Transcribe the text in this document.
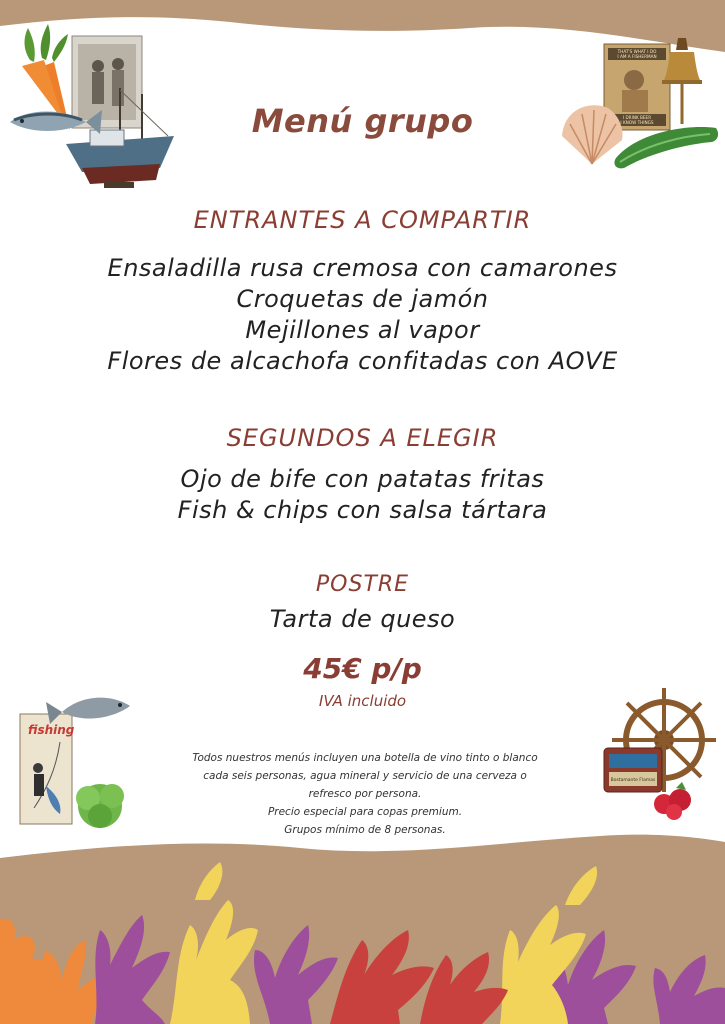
THAT'S WHAT I DO
I AM A FISHERMAN
I DRINK BEER
I KNOW THINGS
fishing
Bostamante Flamas
Menú grupo
ENTRANTES A COMPARTIR
Ensaladilla rusa cremosa con camarones
Croquetas de jamón
Mejillones al vapor
Flores de alcachofa confitadas con AOVE
SEGUNDOS A ELEGIR
Ojo de bife con patatas fritas
Fish & chips con salsa tártara
POSTRE
Tarta de queso
45€ p/p
IVA incluido
Todos nuestros menús incluyen una botella de vino tinto o blanco
cada seis personas, agua mineral y servicio de una cerveza o
refresco por persona.
Precio especial para copas premium.
Grupos mínimo de 8 personas.
